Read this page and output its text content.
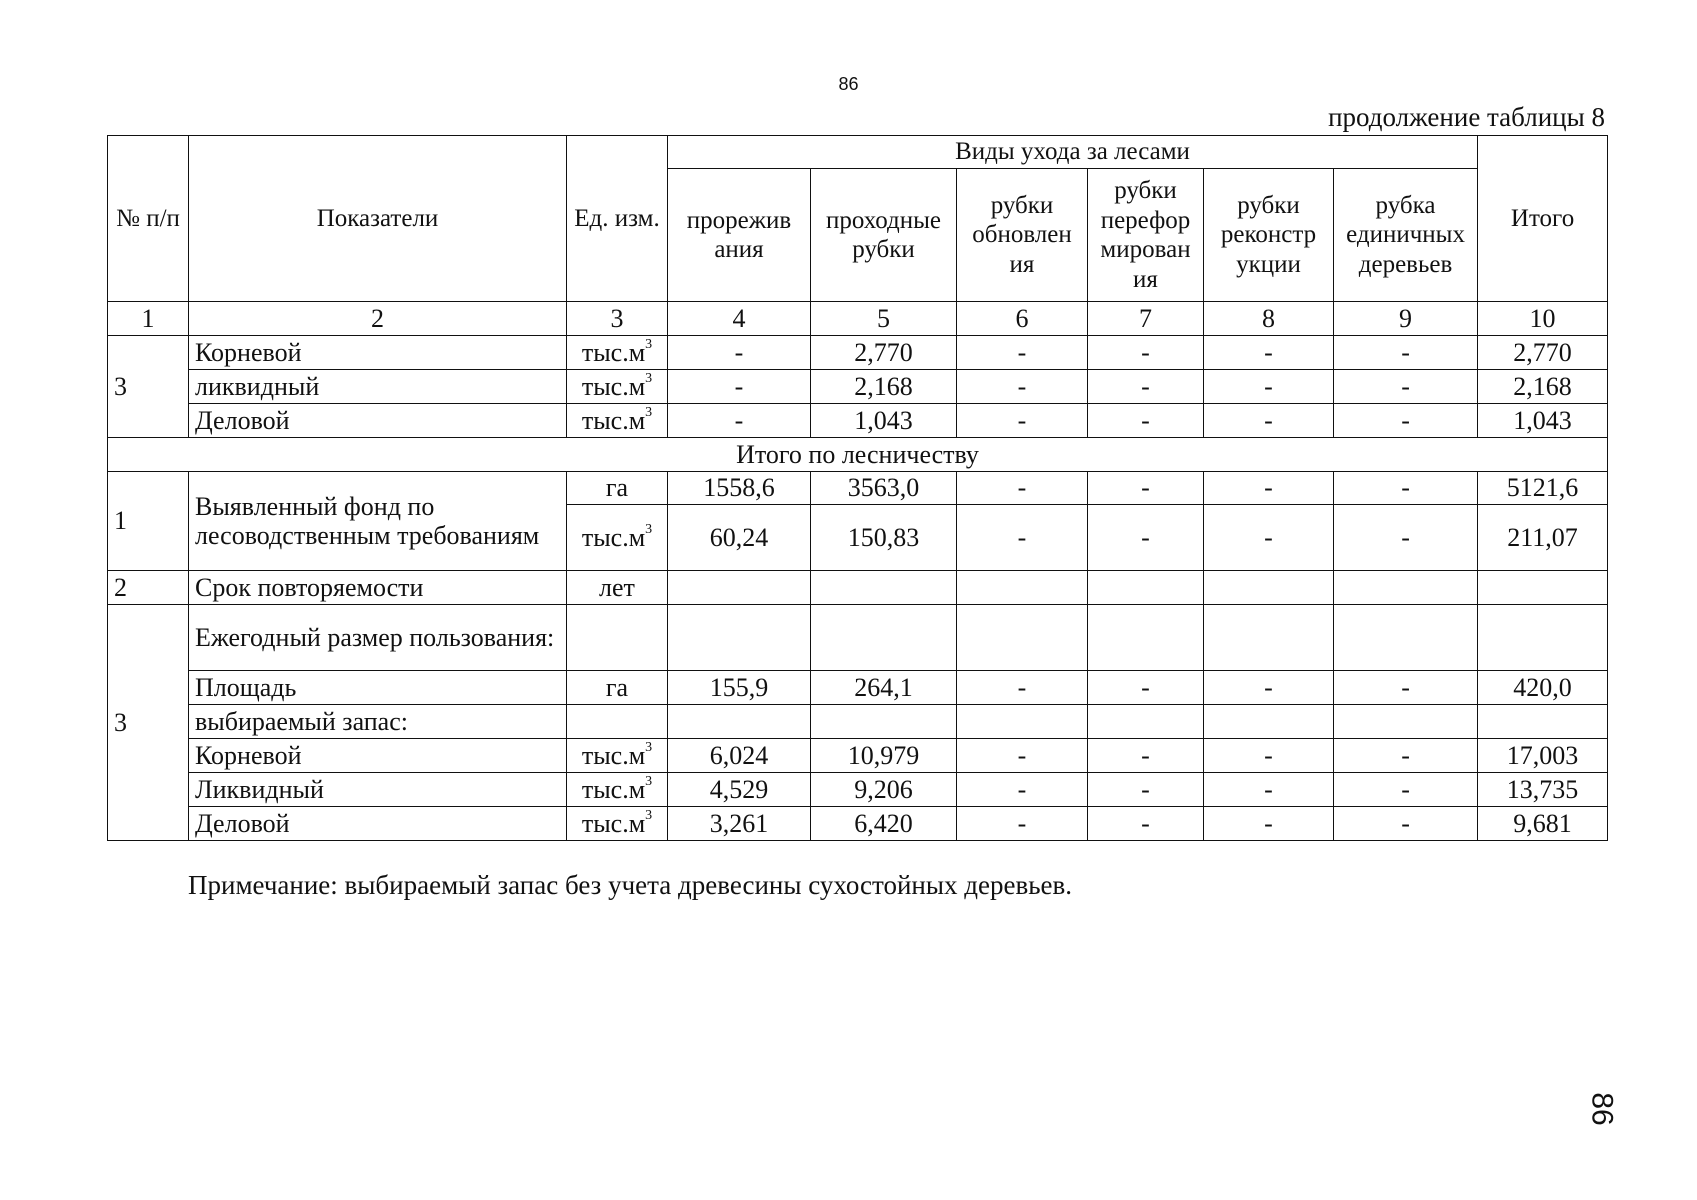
86
продолжение таблицы 8
№ п/п	Показатели	Ед. изм.	Виды ухода за лесами						Итого
			прорежив ания	проходные рубки	рубки обновлен ия	рубки перефор мирован ия	рубки реконстр укции	рубка единичных деревьев	
1	2	3	4	5	6	7	8	9	10
3	Корневой	$тыс.м^3$	-	2,770	-	-	-	-	2,770
	ликвидный	$тыс.м^3$	-	2,168	-	-	-	-	2,168
	Деловой	$тыс.м^3$	-	1,043	-	-	-	-	1,043
Итого по лесничеству									
1	Выявленный фонд по лесоводственным требованиям	га	1558,6	3563,0	-	-	-	-	5121,6
		$тыс.м^3$	60,24	150,83	-	-	-	-	211,07
2	Срок повторяемости	лет							
3	Ежегодный размер пользования:								
	Площадь	га	155,9	264,1	-	-	-	-	420,0
	выбираемый запас:								
	Корневой	$тыс.м^3$	6,024	10,979	-	-	-	-	17,003
	Ликвидный	$тыс.м^3$	4,529	9,206	-	-	-	-	13,735
	Деловой	$тыс.м^3$	3,261	6,420	-	-	-	-	9,681
Примечание: выбираемый запас без учета древесины сухостойных деревьев.
86
